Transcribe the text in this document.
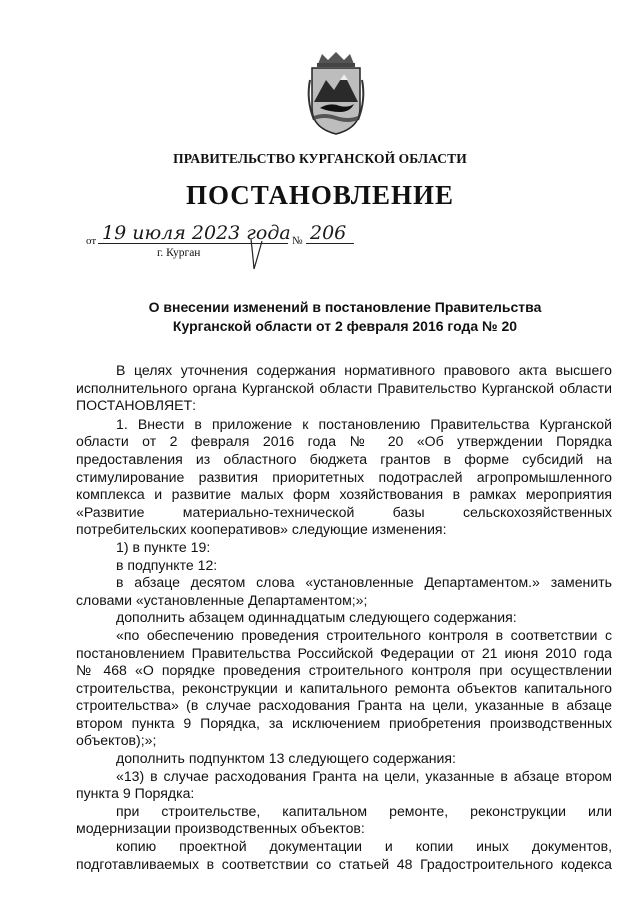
ПРАВИТЕЛЬСТВО КУРГАНСКОЙ ОБЛАСТИ
ПОСТАНОВЛЕНИЕ
от 19 июля 2023 года № 206
г. Курган
О внесении изменений в постановление Правительства
Курганской области от 2 февраля 2016 года № 20
В целях уточнения содержания нормативного правового акта высшего
исполнительного органа Курганской области Правительство Курганской области
ПОСТАНОВЛЯЕТ:
1. Внести в приложение к постановлению Правительства Курганской
области от 2 февраля 2016 года № 20 «Об утверждении Порядка
предоставления из областного бюджета грантов в форме субсидий на
стимулирование развития приоритетных подотраслей агропромышленного
комплекса и развитие малых форм хозяйствования в рамках мероприятия
«Развитие материально-технической базы сельскохозяйственных
потребительских кооперативов» следующие изменения:
1) в пункте 19:
в подпункте 12:
в абзаце десятом слова «установленные Департаментом.» заменить
словами «установленные Департаментом;»;
дополнить абзацем одиннадцатым следующего содержания:
«по обеспечению проведения строительного контроля в соответствии с
постановлением Правительства Российской Федерации от 21 июня 2010 года
№ 468 «О порядке проведения строительного контроля при осуществлении
строительства, реконструкции и капитального ремонта объектов капитального
строительства» (в случае расходования Гранта на цели, указанные в абзаце
втором пункта 9 Порядка, за исключением приобретения производственных
объектов);»;
дополнить подпунктом 13 следующего содержания:
«13) в случае расходования Гранта на цели, указанные в абзаце втором
пункта 9 Порядка:
при строительстве, капитальном ремонте, реконструкции или
модернизации производственных объектов:
копию проектной документации и копии иных документов,
подготавливаемых в соответствии со статьей 48 Градостроительного кодекса
